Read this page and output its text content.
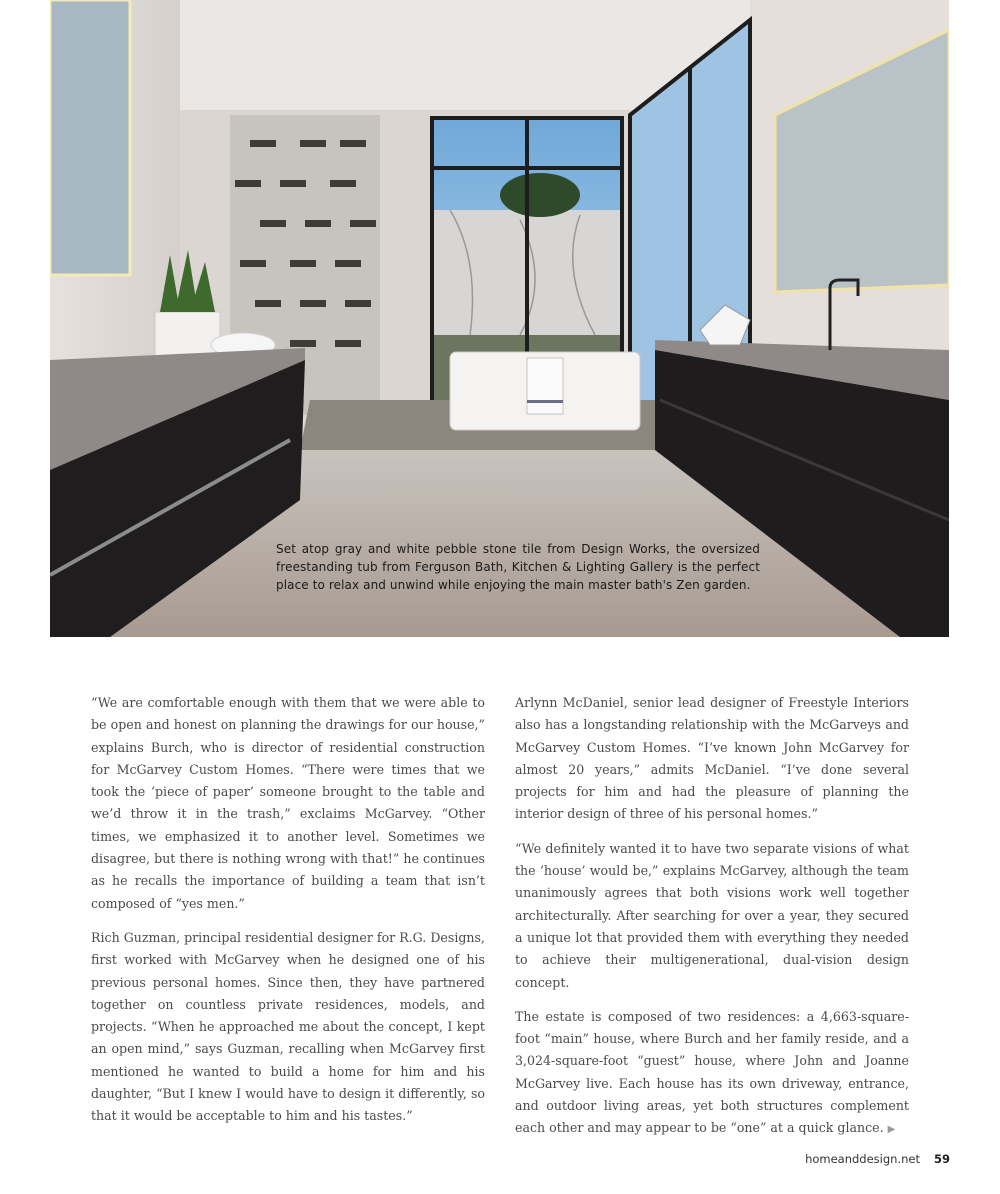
Set atop gray and white pebble stone tile from Design Works, the oversized freestanding tub from Ferguson Bath, Kitchen & Lighting Gallery is the perfect place to relax and unwind while enjoying the main master bath's Zen garden.

“We are comfortable enough with them that we were able to be open and honest on planning the drawings for our house,” explains Burch, who is director of residential construction for McGarvey Custom Homes. “There were times that we took the ‘piece of paper’ someone brought to the table and we’d throw it in the trash,” exclaims McGarvey. “Other times, we emphasized it to another level. Sometimes we disagree, but there is nothing wrong with that!” he continues as he recalls the importance of building a team that isn’t composed of “yes men.”

Rich Guzman, principal residential designer for R.G. Designs, first worked with McGarvey when he designed one of his previous personal homes. Since then, they have partnered together on countless private residences, models, and projects. “When he approached me about the concept, I kept an open mind,” says Guzman, recalling when McGarvey first mentioned he wanted to build a home for him and his daughter, “But I knew I would have to design it differently, so that it would be acceptable to him and his tastes.”

Arlynn McDaniel, senior lead designer of Freestyle Interiors also has a longstanding relationship with the McGarveys and McGarvey Custom Homes. “I’ve known John McGarvey for almost 20 years,” admits McDaniel. “I’ve done several projects for him and had the pleasure of planning the interior design of three of his personal homes.”

“We definitely wanted it to have two separate visions of what the ‘house’ would be,” explains McGarvey, although the team unanimously agrees that both visions work well together architecturally. After searching for over a year, they secured a unique lot that provided them with everything they needed to achieve their multigenerational, dual-vision design concept.

The estate is composed of two residences: a 4,663-square-foot “main” house, where Burch and her family reside, and a 3,024-square-foot “guest” house, where John and Joanne McGarvey live. Each house has its own driveway, entrance, and outdoor living areas, yet both structures complement each other and may appear to be “one” at a quick glance. ▶

homeanddesign.net 59
